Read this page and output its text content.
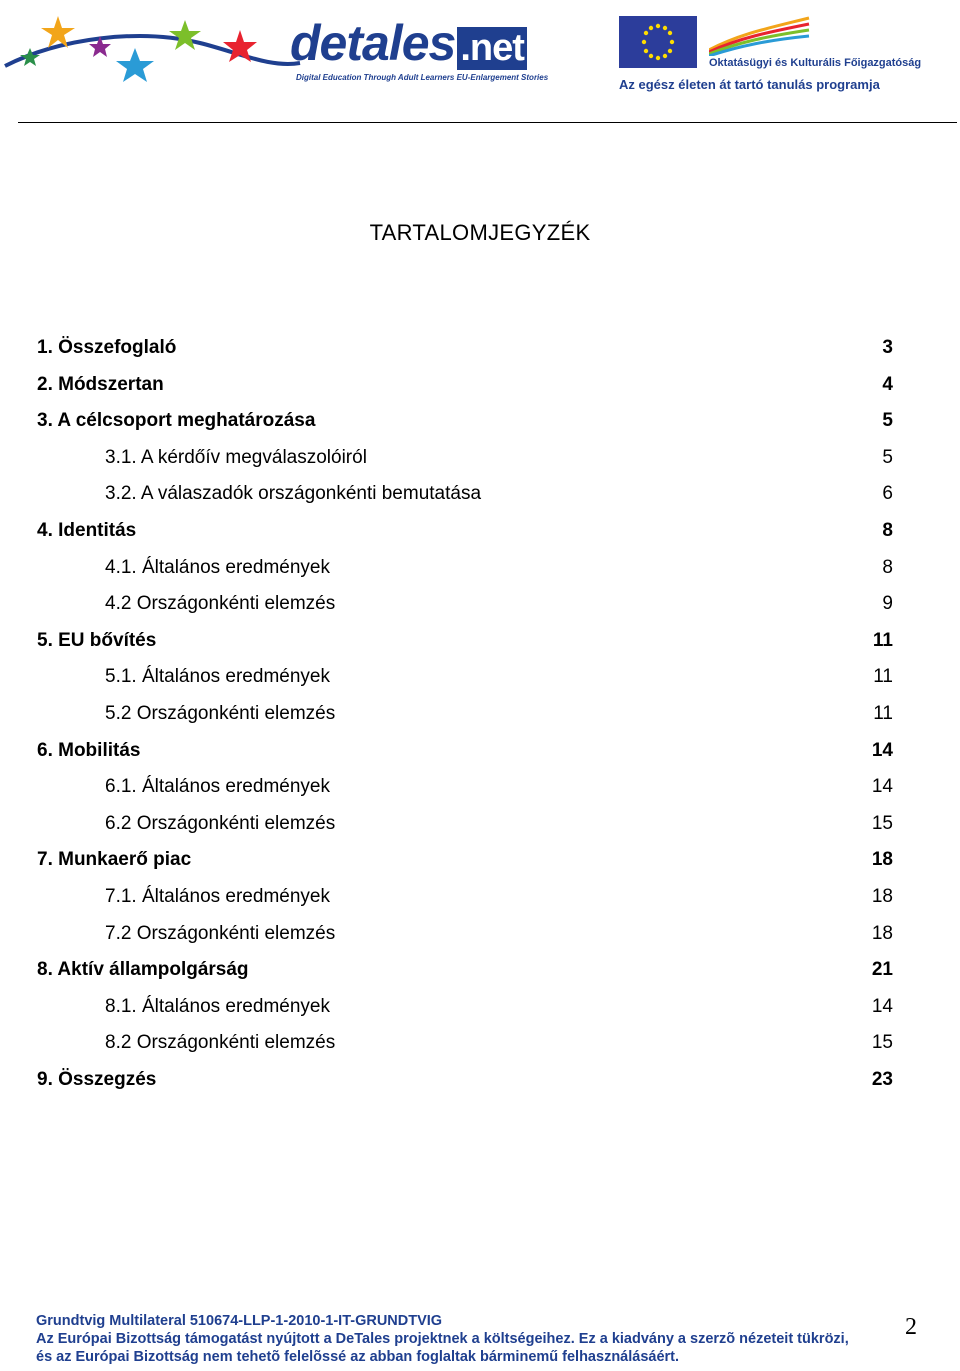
detales .net
Digital Education Through Adult Learners EU-Enlargement Stories
Oktatásügyi és Kulturális Főigazgatóság
Az egész életen át tartó tanulás programja
TARTALOMJEGYZÉK
1. Összefoglaló	3
2. Módszertan	4
3. A célcsoport meghatározása	5
3.1. A kérdőív megválaszolóiról	5
3.2. A válaszadók országonkénti bemutatása	6
4. Identitás	8
4.1. Általános eredmények	8
4.2 Országonkénti elemzés	9
5. EU bővítés	11
5.1. Általános eredmények	11
5.2 Országonkénti elemzés	11
6. Mobilitás	14
6.1. Általános eredmények	14
6.2 Országonkénti elemzés	15
7. Munkaerő piac	18
7.1. Általános eredmények	18
7.2 Országonkénti elemzés	18
8. Aktív állampolgárság	21
8.1. Általános eredmények	14
8.2 Országonkénti elemzés	15
9. Összegzés	23
Grundtvig Multilateral 510674-LLP-1-2010-1-IT-GRUNDTVIG
Az Európai Bizottság támogatást nyújtott a DeTales projektnek a költségeihez. Ez a kiadvány a szerzõ nézeteit tükrözi,
és az Európai Bizottság nem tehetõ felelõssé az abban foglaltak bárminemű felhasználásáért.
2
